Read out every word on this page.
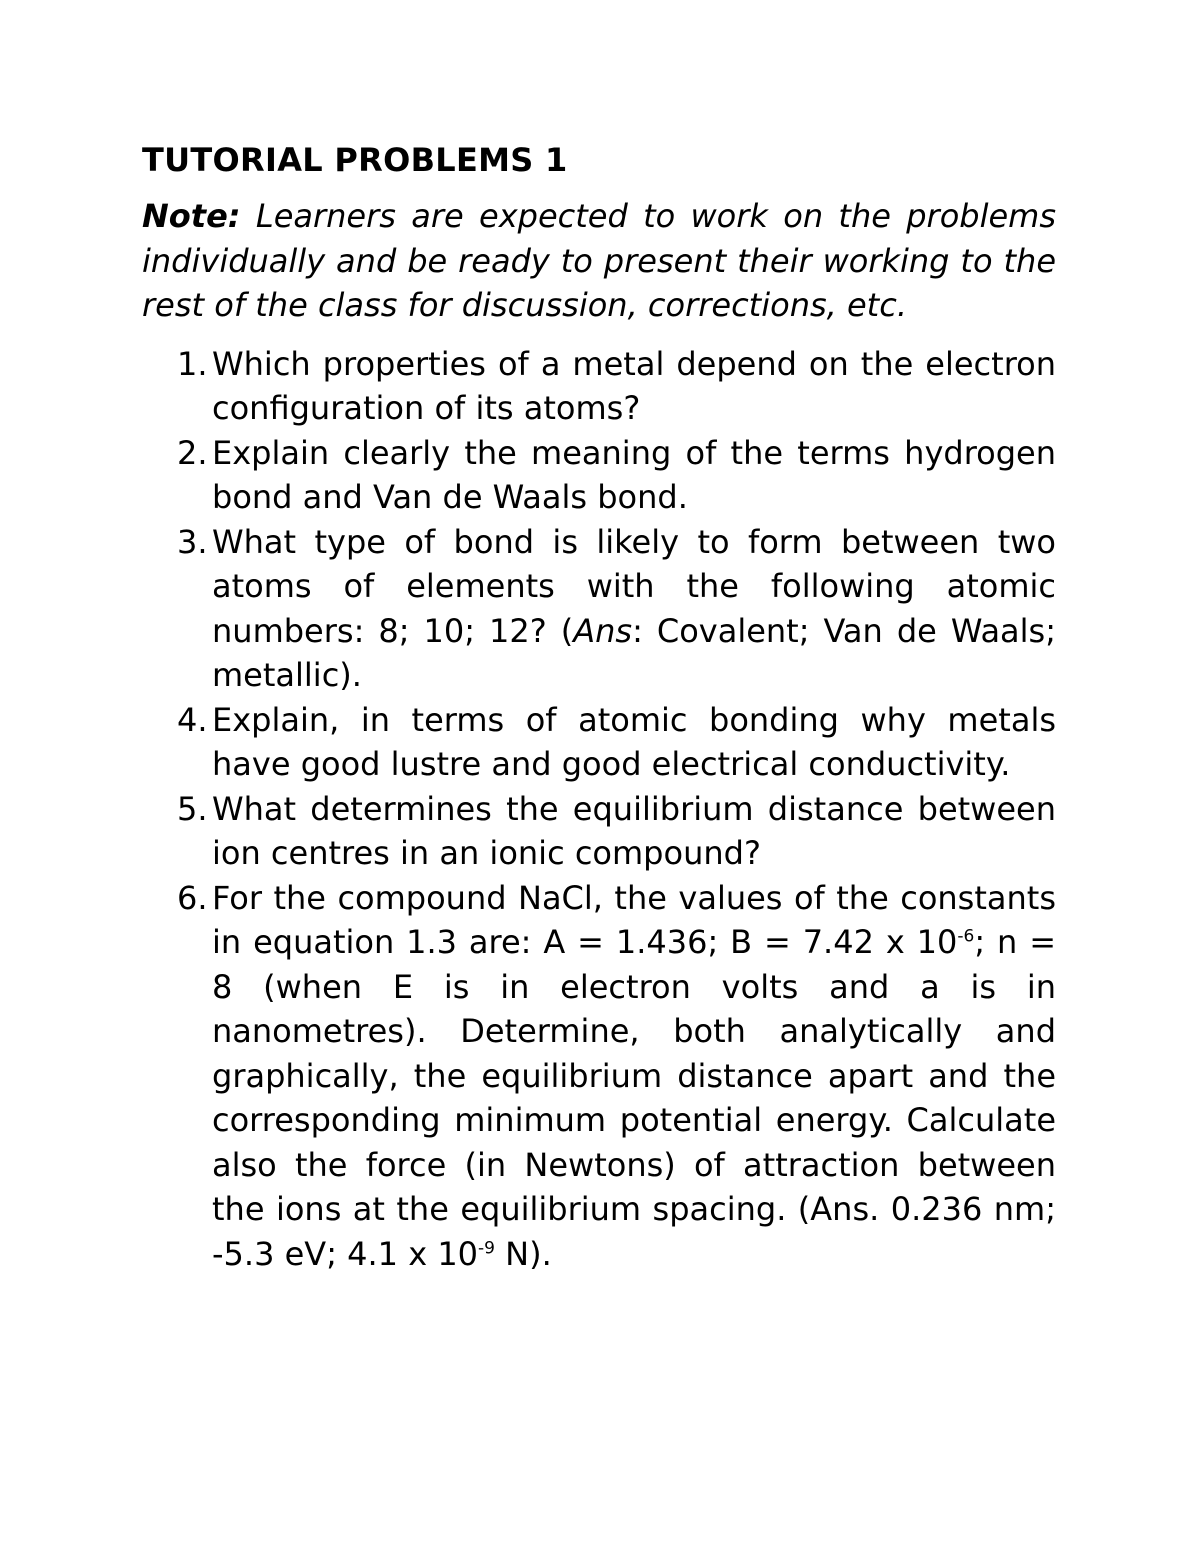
TUTORIAL PROBLEMS 1

Note: Learners are expected to work on the problems individually and be ready to present their working to the rest of the class for discussion, corrections, etc.

1. Which properties of a metal depend on the electron configuration of its atoms?
2. Explain clearly the meaning of the terms hydrogen bond and Van de Waals bond.
3. What type of bond is likely to form between two atoms of elements with the following atomic numbers: 8; 10; 12? (Ans: Covalent; Van de Waals; metallic).
4. Explain, in terms of atomic bonding why metals have good lustre and good electrical conductivity.
5. What determines the equilibrium distance between ion centres in an ionic compound?
6. For the compound NaCl, the values of the constants in equation 1.3 are: A = 1.436; B = 7.42 x $10^{-6}$; n = 8 (when E is in electron volts and a is in nanometres). Determine, both analytically and graphically, the equilibrium distance apart and the corresponding minimum potential energy. Calculate also the force (in Newtons) of attraction between the ions at the equilibrium spacing. (Ans. 0.236 nm; -5.3 eV; 4.1 x $10^{-9}$ N).
